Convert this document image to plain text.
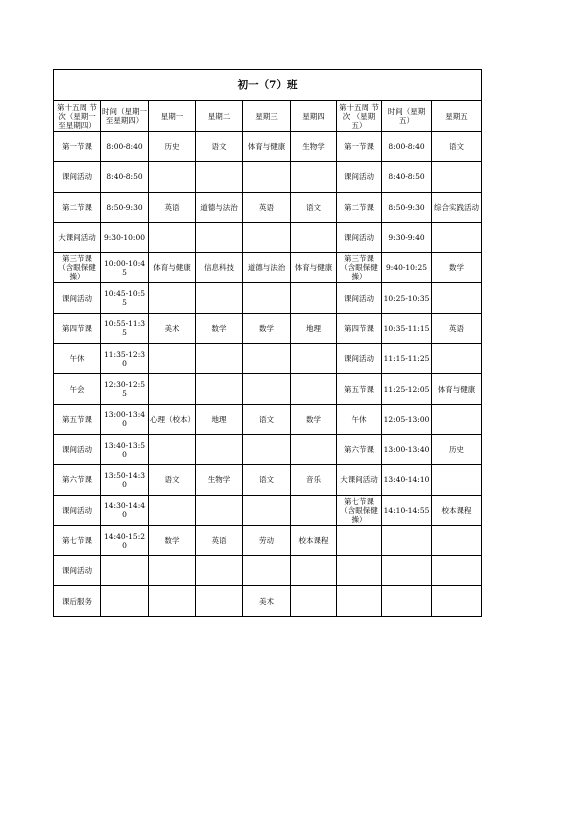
初一（7）班								
第十五周 节次（星期一至星期四）	时间（星期一至星期四）	星期一	星期二	星期三	星期四	第十五周 节次 （星期五）	时间（星期五）	星期五
第一节课	8:00-8:40	历史	语文	体育与健康	生物学	第一节课	8:00-8:40	语文
课间活动	8:40-8:50					课间活动	8:40-8:50	
第二节课	8:50-9:30	英语	道德与法治	英语	语文	第二节课	8:50-9:30	综合实践活动
大课间活动	9:30-10:00					课间活动	9:30-9:40	
第三节课（含眼保健操）	10:00-10:45	体育与健康	信息科技	道德与法治	体育与健康	第三节课（含眼保健操）	9:40-10:25	数学
课间活动	10:45-10:55					课间活动	10:25-10:35	
第四节课	10:55-11:35	美术	数学	数学	地理	第四节课	10:35-11:15	英语
午休	11:35-12:30					课间活动	11:15-11:25	
午会	12:30-12:55					第五节课	11:25-12:05	体育与健康
第五节课	13:00-13:40	心理（校本）	地理	语文	数学	午休	12:05-13:00	
课间活动	13:40-13:50					第六节课	13:00-13:40	历史
第六节课	13:50-14:30	语文	生物学	语文	音乐	大课间活动	13:40-14:10	
课间活动	14:30-14:40					第七节课（含眼保健操）	14:10-14:55	校本课程
第七节课	14:40-15:20	数学	英语	劳动	校本课程			
课间活动								
课后服务				美术				
